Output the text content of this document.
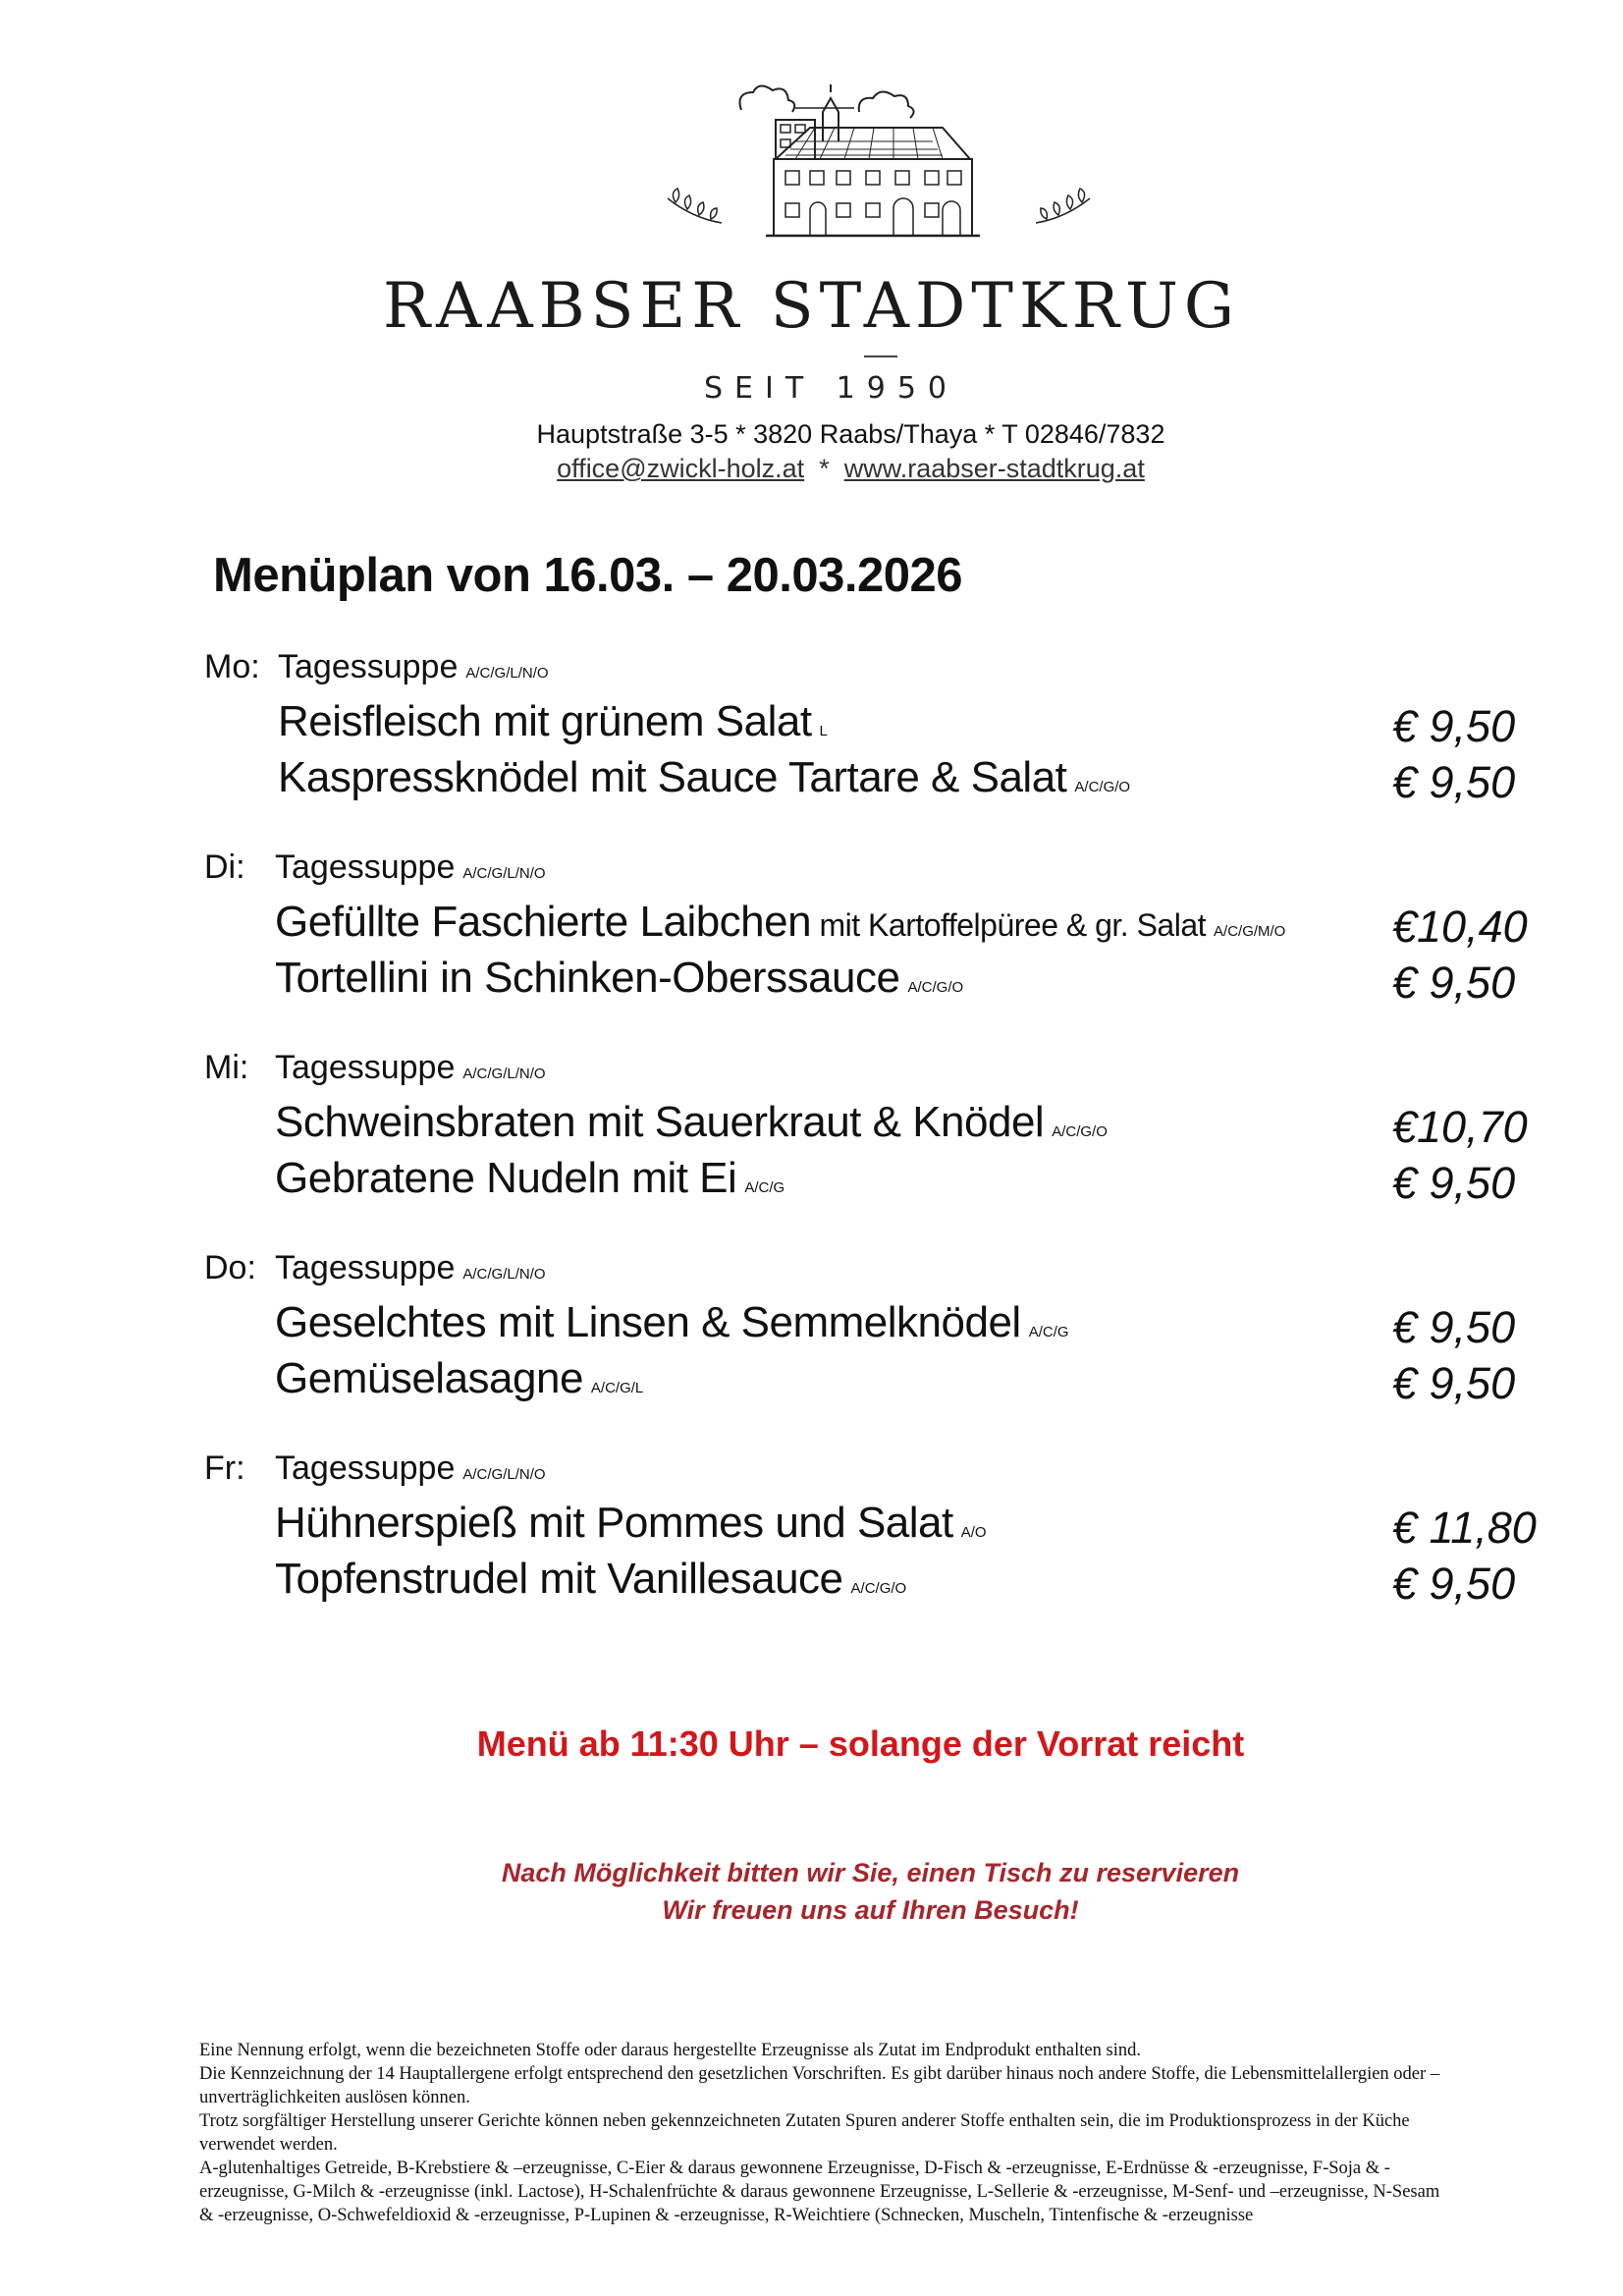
RAABSER STADTKRUG
SEIT 1950
Hauptstraße 3-5 * 3820 Raabs/Thaya * T 02846/7832
office@zwickl-holz.at * www.raabser-stadtkrug.at
Menüplan von 16.03. – 20.03.2026
Mo: Tagessuppe A/C/G/L/N/O
Reisfleisch mit grünem Salat L	€ 9,50
Kaspressknödel mit Sauce Tartare & Salat A/C/G/O	€ 9,50
Di: Tagessuppe A/C/G/L/N/O
Gefüllte Faschierte Laibchen mit Kartoffelpüree & gr. Salat A/C/G/M/O €10,40
Tortellini in Schinken-Oberssauce A/C/G/O	€ 9,50
Mi: Tagessuppe A/C/G/L/N/O
Schweinsbraten mit Sauerkraut & Knödel A/C/G/O	€10,70
Gebratene Nudeln mit Ei A/C/G	€ 9,50
Do: Tagessuppe A/C/G/L/N/O
Geselchtes mit Linsen & Semmelknödel A/C/G	€ 9,50
Gemüselasagne A/C/G/L	€ 9,50
Fr: Tagessuppe A/C/G/L/N/O
Hühnerspieß mit Pommes und Salat A/O	€ 11,80
Topfenstrudel mit Vanillesauce A/C/G/O	€ 9,50
Menü ab 11:30 Uhr – solange der Vorrat reicht
Nach Möglichkeit bitten wir Sie, einen Tisch zu reservieren
Wir freuen uns auf Ihren Besuch!

Eine Nennung erfolgt, wenn die bezeichneten Stoffe oder daraus hergestellte Erzeugnisse als Zutat im Endprodukt enthalten sind.

Die Kennzeichnung der 14 Hauptallergene erfolgt entsprechend den gesetzlichen Vorschriften. Es gibt darüber hinaus noch andere Stoffe, die Lebensmittelallergien oder –unverträglichkeiten auslösen können.

Trotz sorgfältiger Herstellung unserer Gerichte können neben gekennzeichneten Zutaten Spuren anderer Stoffe enthalten sein, die im Produktionsprozess in der Küche verwendet werden.

A-glutenhaltiges Getreide, B-Krebstiere & –erzeugnisse, C-Eier & daraus gewonnene Erzeugnisse, D-Fisch & -erzeugnisse, E-Erdnüsse & -erzeugnisse, F-Soja & -erzeugnisse, G-Milch & -erzeugnisse (inkl. Lactose), H-Schalenfrüchte & daraus gewonnene Erzeugnisse, L-Sellerie & -erzeugnisse, M-Senf- und –erzeugnisse, N-Sesam & -erzeugnisse, O-Schwefeldioxid & -erzeugnisse, P-Lupinen & -erzeugnisse, R-Weichtiere (Schnecken, Muscheln, Tintenfische & -erzeugnisse
